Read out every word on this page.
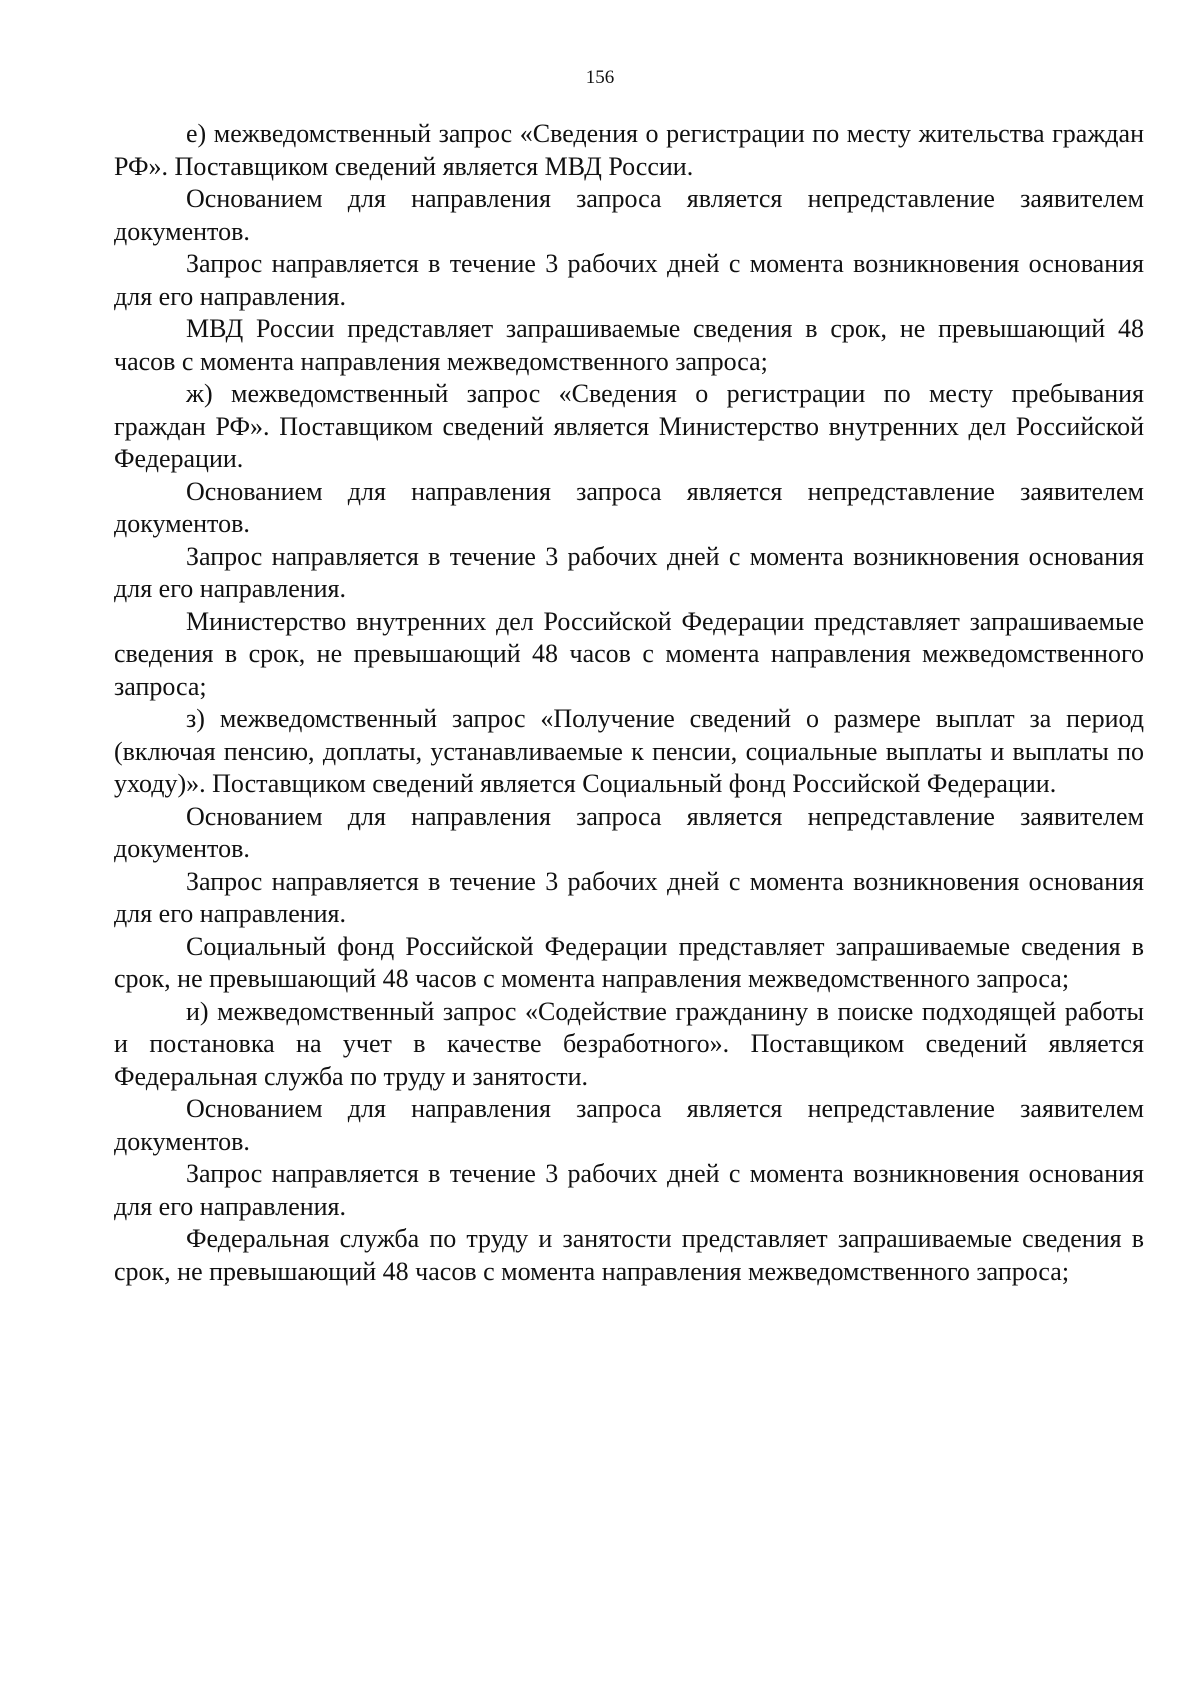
156

е) межведомственный запрос «Сведения о регистрации по месту жительства граждан РФ». Поставщиком сведений является МВД России.

Основанием для направления запроса является непредставление заявителем документов.

Запрос направляется в течение 3 рабочих дней с момента возникновения основания для его направления.

МВД России представляет запрашиваемые сведения в срок, не превышающий 48 часов с момента направления межведомственного запроса;

ж) межведомственный запрос «Сведения о регистрации по месту пребывания граждан РФ». Поставщиком сведений является Министерство внутренних дел Российской Федерации.

Основанием для направления запроса является непредставление заявителем документов.

Запрос направляется в течение 3 рабочих дней с момента возникновения основания для его направления.

Министерство внутренних дел Российской Федерации представляет запрашиваемые сведения в срок, не превышающий 48 часов с момента направления межведомственного запроса;

з) межведомственный запрос «Получение сведений о размере выплат за период (включая пенсию, доплаты, устанавливаемые к пенсии, социальные выплаты и выплаты по уходу)». Поставщиком сведений является Социальный фонд Российской Федерации.

Основанием для направления запроса является непредставление заявителем документов.

Запрос направляется в течение 3 рабочих дней с момента возникновения основания для его направления.

Социальный фонд Российской Федерации представляет запрашиваемые сведения в срок, не превышающий 48 часов с момента направления межведомственного запроса;

и) межведомственный запрос «Содействие гражданину в поиске подходящей работы и постановка на учет в качестве безработного». Поставщиком сведений является Федеральная служба по труду и занятости.

Основанием для направления запроса является непредставление заявителем документов.

Запрос направляется в течение 3 рабочих дней с момента возникновения основания для его направления.

Федеральная служба по труду и занятости представляет запрашиваемые сведения в срок, не превышающий 48 часов с момента направления межведомственного запроса;
